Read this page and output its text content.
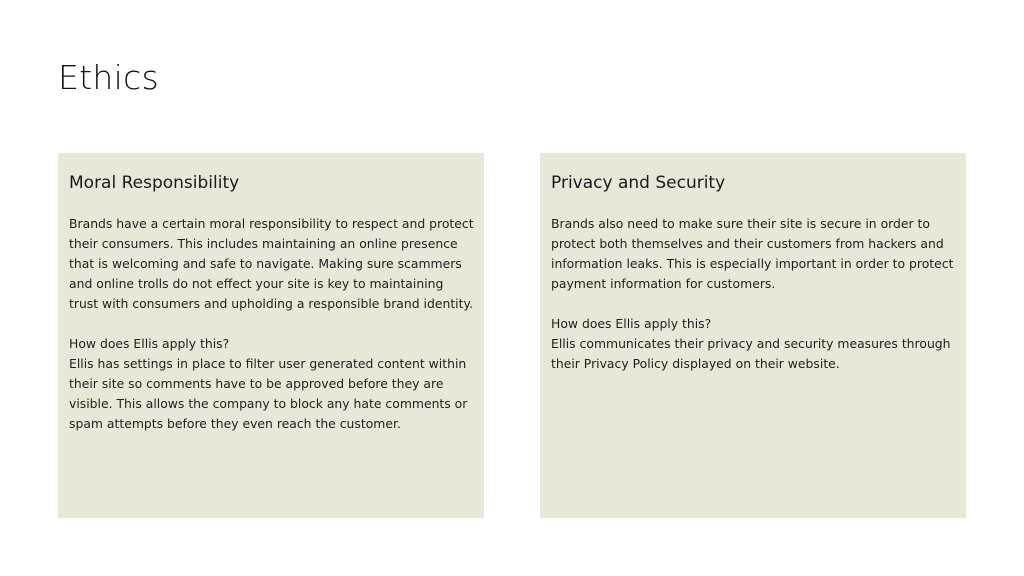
Ethics
Moral Responsibility
Brands have a certain moral responsibility to respect and protect
their consumers. This includes maintaining an online presence
that is welcoming and safe to navigate. Making sure scammers
and online trolls do not effect your site is key to maintaining
trust with consumers and upholding a responsible brand identity.
How does Ellis apply this?
Ellis has settings in place to filter user generated content within
their site so comments have to be approved before they are
visible. This allows the company to block any hate comments or
spam attempts before they even reach the customer.
Privacy and Security
Brands also need to make sure their site is secure in order to
protect both themselves and their customers from hackers and
information leaks. This is especially important in order to protect
payment information for customers.
How does Ellis apply this?
Ellis communicates their privacy and security measures through
their Privacy Policy displayed on their website.
